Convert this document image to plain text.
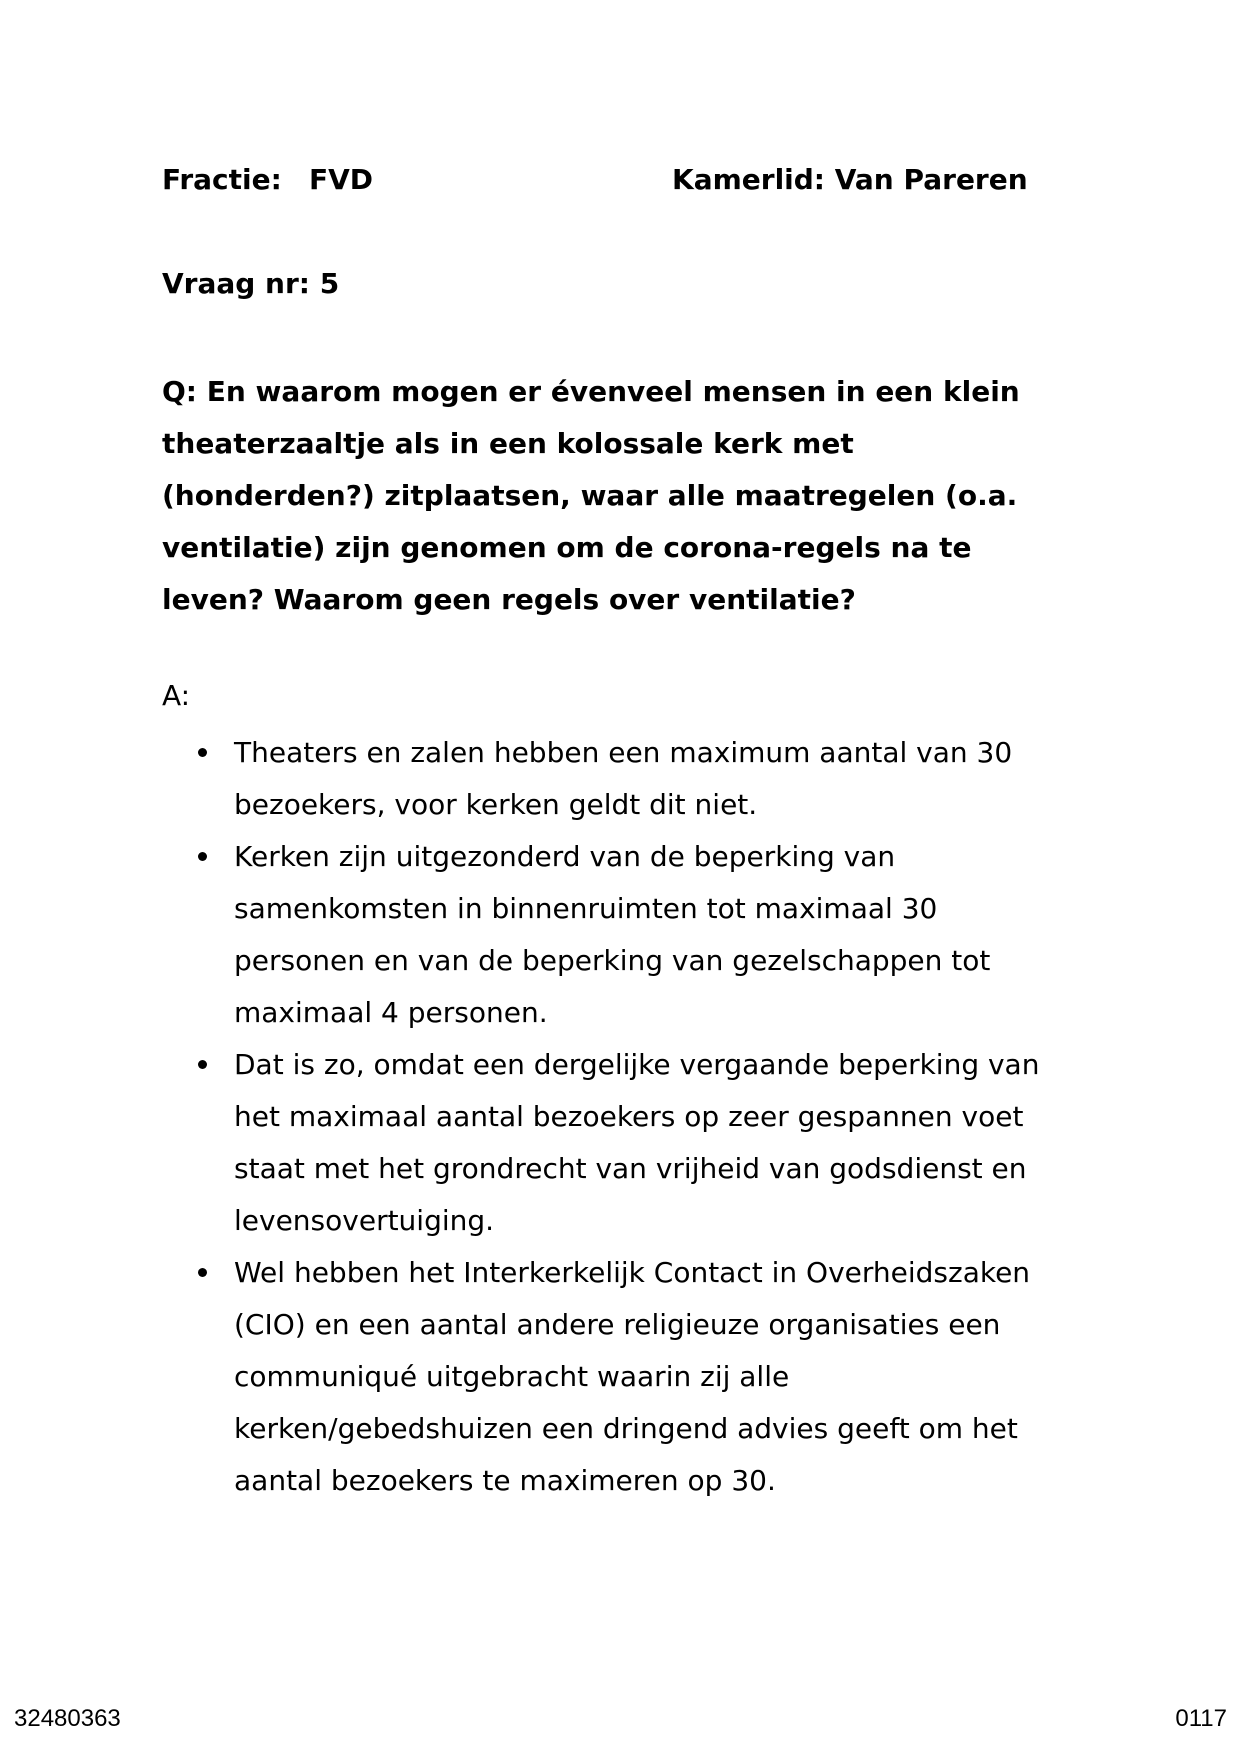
Fractie: FVD	Kamerlid: Van Pareren
Vraag nr: 5

Q: En waarom mogen er évenveel mensen in een klein
theaterzaaltje als in een kolossale kerk met
(honderden?) zitplaatsen, waar alle maatregelen (o.a.
ventilatie) zijn genomen om de corona-regels na te
leven? Waarom geen regels over ventilatie?

A:
Theaters en zalen hebben een maximum aantal van 30
bezoekers, voor kerken geldt dit niet.
Kerken zijn uitgezonderd van de beperking van
samenkomsten in binnenruimten tot maximaal 30
personen en van de beperking van gezelschappen tot
maximaal 4 personen.
Dat is zo, omdat een dergelijke vergaande beperking van
het maximaal aantal bezoekers op zeer gespannen voet
staat met het grondrecht van vrijheid van godsdienst en
levensovertuiging.
Wel hebben het Interkerkelijk Contact in Overheidszaken
(CIO) en een aantal andere religieuze organisaties een
communiqué uitgebracht waarin zij alle
kerken/gebedshuizen een dringend advies geeft om het
aantal bezoekers te maximeren op 30.
32480363	0117
